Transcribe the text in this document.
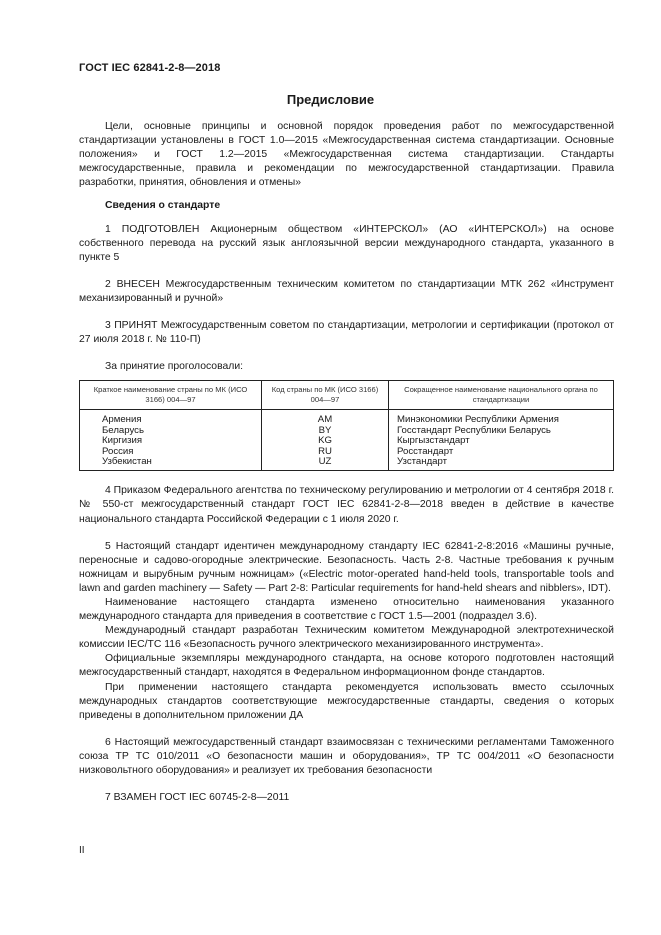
ГОСТ IEC 62841-2-8—2018
Предисловие

Цели, основные принципы и основной порядок проведения работ по межгосударственной стандартизации установлены в ГОСТ 1.0—2015 «Межгосударственная система стандартизации. Основные положения» и ГОСТ 1.2—2015 «Межгосударственная система стандартизации. Стандарты межгосударственные, правила и рекомендации по межгосударственной стандартизации. Правила разработки, принятия, обновления и отмены»

Сведения о стандарте

1 ПОДГОТОВЛЕН Акционерным обществом «ИНТЕРСКОЛ» (АО «ИНТЕРСКОЛ») на основе собственного перевода на русский язык англоязычной версии международного стандарта, указанного в пункте 5

2 ВНЕСЕН Межгосударственным техническим комитетом по стандартизации МТК 262 «Инструмент механизированный и ручной»

3 ПРИНЯТ Межгосударственным советом по стандартизации, метрологии и сертификации (протокол от 27 июля 2018 г. № 110-П)

За принятие проголосовали:

Краткое наименование страны по МК (ИСО 3166) 004—97	Код страны по МК (ИСО 3166) 004—97	Сокращенное наименование национального органа по стандартизации
Армения	AM	Минэкономики Республики Армения
Беларусь	BY	Госстандарт Республики Беларусь
Киргизия	KG	Кыргызстандарт
Россия	RU	Росстандарт
Узбекистан	UZ	Узстандарт

4 Приказом Федерального агентства по техническому регулированию и метрологии от 4 сентября 2018 г. № 550-ст межгосударственный стандарт ГОСТ IEC 62841-2-8—2018 введен в действие в качестве национального стандарта Российской Федерации с 1 июля 2020 г.

5 Настоящий стандарт идентичен международному стандарту IEC 62841-2-8:2016 «Машины ручные, переносные и садово-огородные электрические. Безопасность. Часть 2-8. Частные требования к ручным ножницам и вырубным ручным ножницам» («Electric motor-operated hand-held tools, transportable tools and lawn and garden machinery — Safety — Part 2-8: Particular requirements for hand-held shears and nibblers», IDT).

Наименование настоящего стандарта изменено относительно наименования указанного международного стандарта для приведения в соответствие с ГОСТ 1.5—2001 (подраздел 3.6).

Международный стандарт разработан Техническим комитетом Международной электротехнической комиссии IEC/TC 116 «Безопасность ручного электрического механизированного инструмента».

Официальные экземпляры международного стандарта, на основе которого подготовлен настоящий межгосударственный стандарт, находятся в Федеральном информационном фонде стандартов.

При применении настоящего стандарта рекомендуется использовать вместо ссылочных международных стандартов соответствующие межгосударственные стандарты, сведения о которых приведены в дополнительном приложении ДА

6 Настоящий межгосударственный стандарт взаимосвязан с техническими регламентами Таможенного союза ТР ТС 010/2011 «О безопасности машин и оборудования», ТР ТС 004/2011 «О безопасности низковольтного оборудования» и реализует их требования безопасности

7 ВЗАМЕН ГОСТ IEC 60745-2-8—2011

II
